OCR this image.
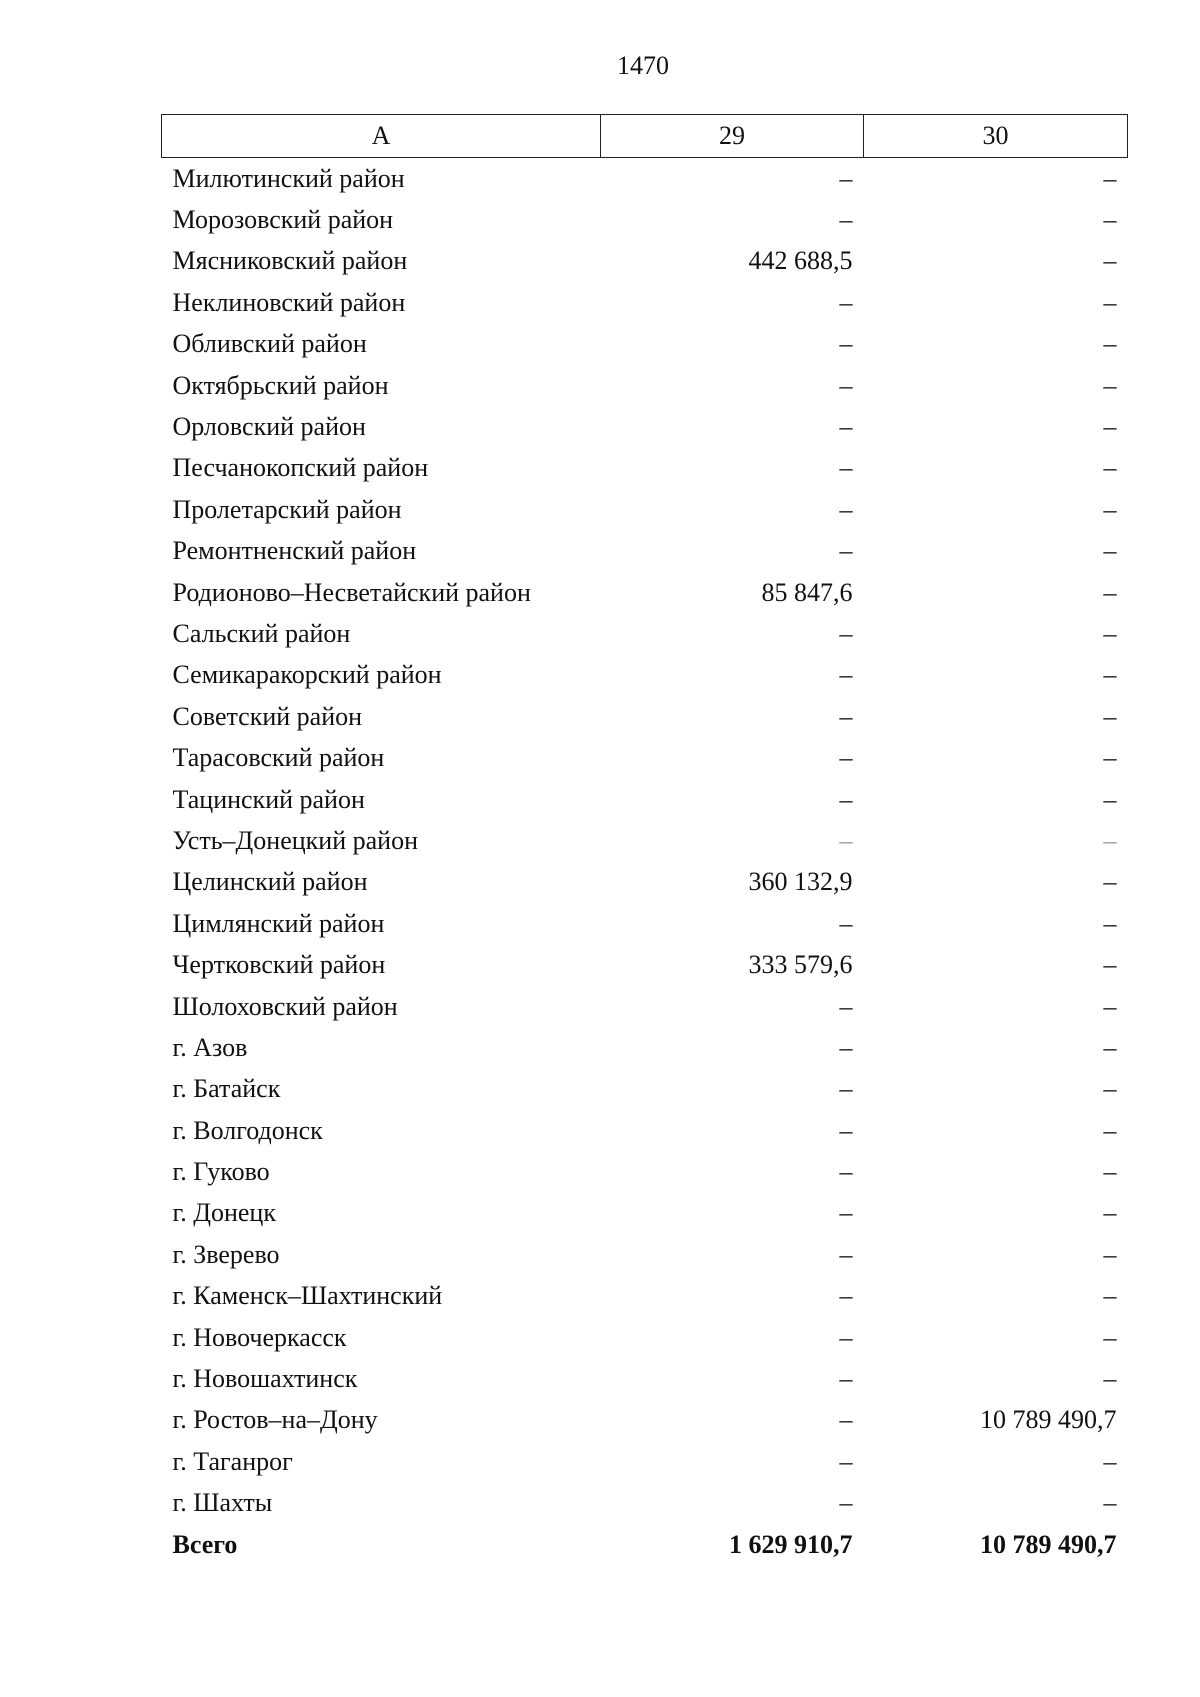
1470
А	29	30
Милютинский район	–	–
Морозовский район	–	–
Мясниковский район	442 688,5	–
Неклиновский район	–	–
Обливский район	–	–
Октябрьский район	–	–
Орловский район	–	–
Песчанокопский район	–	–
Пролетарский район	–	–
Ремонтненский район	–	–
Родионово–Несветайский район	85 847,6	–
Сальский район	–	–
Семикаракорский район	–	–
Советский район	–	–
Тарасовский район	–	–
Тацинский район	–	–
Усть–Донецкий район	–	–
Целинский район	360 132,9	–
Цимлянский район	–	–
Чертковский район	333 579,6	–
Шолоховский район	–	–
г. Азов	–	–
г. Батайск	–	–
г. Волгодонск	–	–
г. Гуково	–	–
г. Донецк	–	–
г. Зверево	–	–
г. Каменск–Шахтинский	–	–
г. Новочеркасск	–	–
г. Новошахтинск	–	–
г. Ростов–на–Дону	–	10 789 490,7
г. Таганрог	–	–
г. Шахты	–	–
Всего	1 629 910,7	10 789 490,7
